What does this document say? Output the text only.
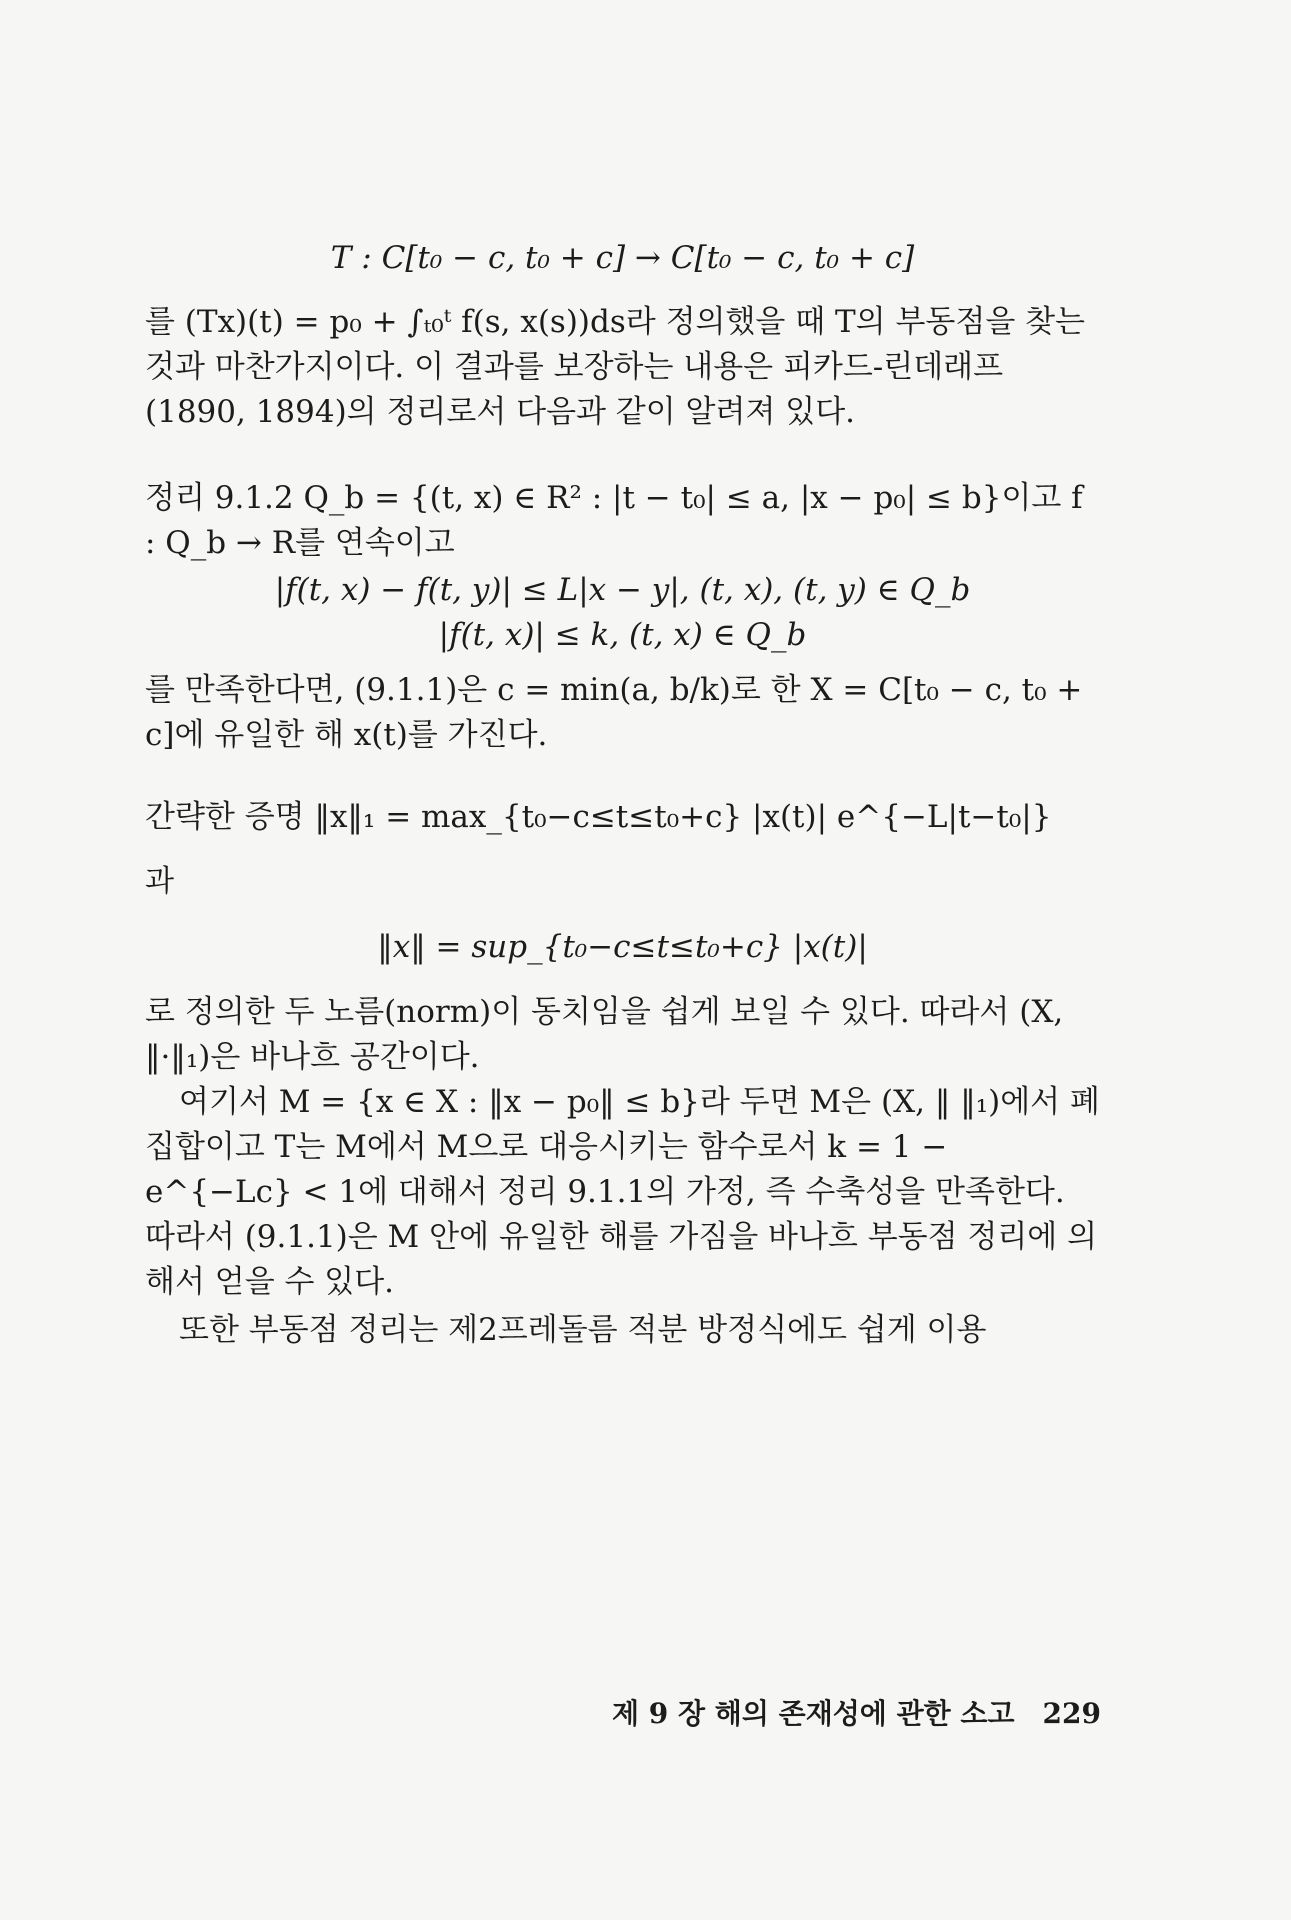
T : C[t₀ − c, t₀ + c] → C[t₀ − c, t₀ + c]
를 (Tx)(t) = p₀ + ∫ₜ₀ᵗ f(s, x(s))ds라 정의했을 때 T의 부동점을 찾는 것과 마찬가지이다. 이 결과를 보장하는 내용은 피카드-린데래프(1890, 1894)의 정리로서 다음과 같이 알려져 있다.
정리 9.1.2 Q_b = {(t, x) ∈ R² : |t − t₀| ≤ a, |x − p₀| ≤ b}이고 f : Q_b → R를 연속이고
|f(t, x) − f(t, y)| ≤ L|x − y|, (t, x), (t, y) ∈ Q_b
|f(t, x)| ≤ k, (t, x) ∈ Q_b
를 만족한다면, (9.1.1)은 c = min(a, b/k)로 한 X = C[t₀ − c, t₀ + c]에 유일한 해 x(t)를 가진다.
간략한 증명 ‖x‖₁ = max_{t₀−c≤t≤t₀+c} |x(t)| e^{−L|t−t₀|}
과
‖x‖ = sup_{t₀−c≤t≤t₀+c} |x(t)|
로 정의한 두 노름(norm)이 동치임을 쉽게 보일 수 있다. 따라서 (X, ‖·‖₁)은 바나흐 공간이다.
여기서 M = {x ∈ X : ‖x − p₀‖ ≤ b}라 두면 M은 (X, ‖ ‖₁)에서 폐집합이고 T는 M에서 M으로 대응시키는 함수로서 k = 1 − e^{−Lc} < 1에 대해서 정리 9.1.1의 가정, 즉 수축성을 만족한다. 따라서 (9.1.1)은 M 안에 유일한 해를 가짐을 바나흐 부동점 정리에 의해서 얻을 수 있다.
또한 부동점 정리는 제2프레돌름 적분 방정식에도 쉽게 이용
제 9 장 해의 존재성에 관한 소고 229
